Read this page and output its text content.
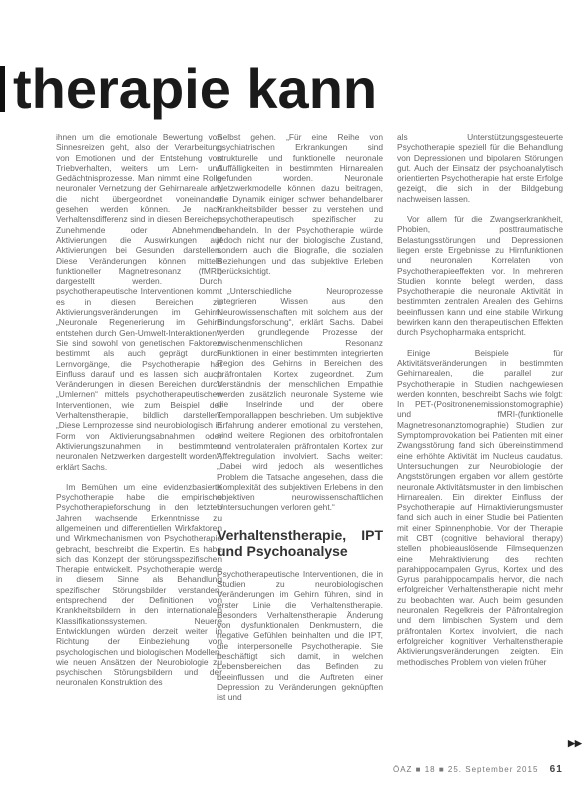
therapie kann

ihnen um die emotionale Bewertung von Sinnesreizen geht, also der Verarbeitung von Emotionen und der Entstehung von Triebverhalten, weiters um Lern- und Gedächtnisprozesse. Man nimmt eine Rolle neuronaler Vernetzung der Gehirnareale an, die nicht übergeordnet voneinander gesehen werden können. Je nach Verhaltensdifferenz sind in diesen Bereichen Zunehmende oder Abnehmende Aktivierungen die Auswirkungen auf Aktivierungen bei Gesunden darstellen. Diese Veränderungen können mittels funktioneller Magnetresonanz (fMRI) dargestellt werden. Durch psychotherapeutische Interventionen kommt es in diesen Bereichen zu Aktivierungsveränderungen im Gehirn. „Neuronale Regenerierung im Gehirn entstehen durch Gen-Umwelt-Interaktionen“, Sie sind sowohl von genetischen Faktoren bestimmt als auch geprägt durch Lernvorgänge, die Psychotherapie hat Einfluss darauf und es lassen sich auch Veränderungen in diesen Bereichen durch „Umlernen“ mittels psychotherapeutischen Interventionen, wie zum Beispiel der Verhaltenstherapie, bildlich darstellen. „Diese Lernprozesse sind neurobiologisch in Form von Aktivierungsabnahmen oder Aktivierungszunahmen in bestimmten neuronalen Netzwerken dargestellt worden“, erklärt Sachs.

Im Bemühen um eine evidenzbasierte Psychotherapie habe die empirische Psychotherapieforschung in den letzten Jahren wachsende Erkenntnisse zu allgemeinen und differentiellen Wirkfaktoren und Wirkmechanismen von Psychotherapie gebracht, beschreibt die Expertin. Es habe sich das Konzept der störungsspezifischen Therapie entwickelt. Psychotherapie werde in diesem Sinne als Behandlung spezifischer Störungsbilder verstanden, entsprechend der Definitionen von Krankheitsbildern in den internationalen Klassifikationssystemen. Neuere Entwicklungen würden derzeit weiter in Richtung der Einbeziehung von psychologischen und biologischen Modellen, wie neuen Ansätzen der Neurobiologie zu psychischen Störungsbildern und der neuronalen Konstruktion des

Selbst gehen. „Für eine Reihe von psychiatrischen Erkrankungen sind strukturelle und funktionelle neuronale Auffälligkeiten in bestimmten Hirnarealen gefunden worden. Neuronale Netzwerkmodelle können dazu beitragen, die Dynamik einiger schwer behandelbarer Krankheitsbilder besser zu verstehen und psychotherapeutisch spezifischer zu behandeln. In der Psychotherapie würde jedoch nicht nur der biologische Zustand, sondern auch die Biografie, die sozialen Beziehungen und das subjektive Erleben berücksichtigt.

„Unterschiedliche Neuroprozesse integrieren Wissen aus den Neurowissenschaften mit solchem aus der Bindungsforschung“, erklärt Sachs. Dabei werden grundlegende Prozesse der zwischenmenschlichen Resonanz Funktionen in einer bestimmten integrierten Region des Gehirns in Bereichen des präfrontalen Kortex zugeordnet. Zum Verständnis der menschlichen Empathie werden zusätzlich neuronale Systeme wie die Inselrinde und der obere Temporallappen beschrieben. Um subjektive Erfahrung anderer emotional zu verstehen, sind weitere Regionen des orbitofrontalen und ventrolateralen präfrontalen Kortex zur Affektregulation involviert. Sachs weiter: „Dabei wird jedoch als wesentliches Problem die Tatsache angesehen, dass die Komplexität des subjektiven Erlebens in den objektiven neurowissenschaftlichen Untersuchungen verloren geht.“

Verhaltenstherapie, IPT und Psychoanalyse

Psychotherapeutische Interventionen, die in Studien zu neurobiologischen Veränderungen im Gehirn führen, sind in erster Linie die Verhaltenstherapie. Besonders Verhaltenstherapie Änderung von dysfunktionalen Denkmustern, die negative Gefühlen beinhalten und die IPT, die interpersonelle Psychotherapie. Sie beschäftigt sich damit, in welchen Lebensbereichen das Befinden zu beeinflussen und die Auftreten einer Depression zu Veränderungen geknüpften ist und

als Unterstützungsgesteuerte Psychotherapie speziell für die Behandlung von Depressionen und bipolaren Störungen gut. Auch der Einsatz der psychoanalytisch orientierten Psychotherapie hat erste Erfolge gezeigt, die sich in der Bildgebung nachweisen lassen.

Vor allem für die Zwangserkrankheit, Phobien, posttraumatische Belastungsstörungen und Depressionen liegen erste Ergebnisse zu Hirnfunktionen und neuronalen Korrelaten von Psychotherapieeffekten vor. In mehreren Studien konnte belegt werden, dass Psychotherapie die neuronale Aktivität in bestimmten zentralen Arealen des Gehirns beeinflussen kann und eine stabile Wirkung bewirken kann den therapeutischen Effekten durch Psychopharmaka entspricht.

Einige Beispiele für Aktivitätsveränderungen in bestimmten Gehirnarealen, die parallel zur Psychotherapie in Studien nachgewiesen werden konnten, beschreibt Sachs wie folgt: In PET-(Positronenemissionstomographie) und fMRI-(funktionelle Magnetresonanztomographie) Studien zur Symptomprovokation bei Patienten mit einer Zwangsstörung fand sich übereinstimmend eine erhöhte Aktivität im Nucleus caudatus. Untersuchungen zur Neurobiologie der Angststörungen ergaben vor allem gestörte neuronale Aktivitätsmuster in den limbischen Hirnarealen. Ein direkter Einfluss der Psychotherapie auf Hirnaktivierungsmuster fand sich auch in einer Studie bei Patienten mit einer Spinnenphobie. Vor der Therapie mit CBT (cognitive behavioral therapy) stellen phobieauslösende Filmsequenzen eine Mehraktivierung des rechten parahippocampalen Gyrus, Kortex und des Gyrus parahippocampalis hervor, die nach erfolgreicher Verhaltenstherapie nicht mehr zu beobachten war. Auch beim gesunden neuronalen Regelkreis der Päfrontalregion und dem limbischen System und dem präfrontalen Kortex involviert, die nach erfolgreicher kognitiver Verhaltenstherapie Aktivierungsveränderungen zeigten. Ein methodisches Problem von vielen früher

▶▶
ÖAZ ■ 18 ■ 25. September 2015 61
